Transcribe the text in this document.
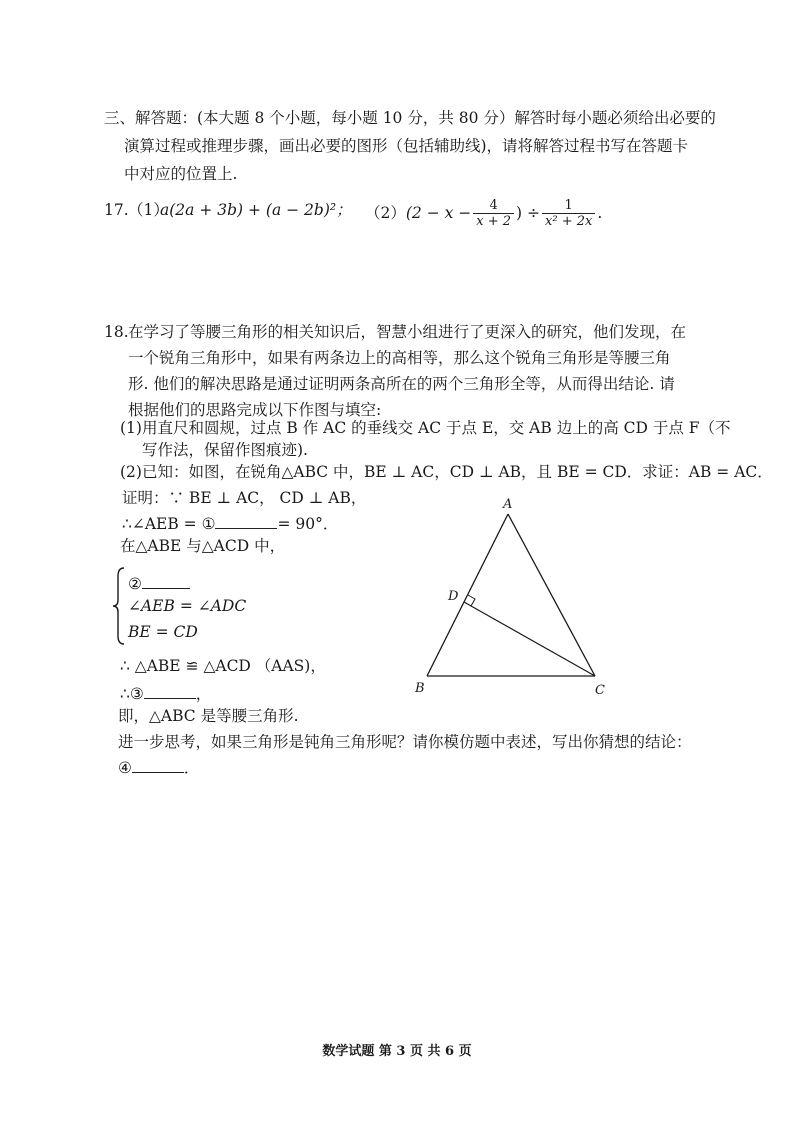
三、解答题：(本大题 8 个小题，每小题 10 分，共 80 分）解答时每小题必须给出必要的
演算过程或推理步骤，画出必要的图形（包括辅助线)，请将解答过程书写在答题卡
中对应的位置上.
17. （1）
a(2a + 3b) + (a − 2b)²； （2） ($2 - x - \frac{4}{x + 2}$ ) ÷ $\frac{1}{\text{x² + 2x}}$ .
18. 在学习了等腰三角形的相关知识后，智慧小组进行了更深入的研究，他们发现，在
一个锐角三角形中，如果有两条边上的高相等，那么这个锐角三角形是等腰三角
形. 他们的解决思路是通过证明两条高所在的两个三角形全等，从而得出结论. 请
根据他们的思路完成以下作图与填空:
(1)用直尺和圆规，过点 B 作 AC 的垂线交 AC 于点 E，交 AB 边上的高 CD 于点 F（不
写作法，保留作图痕迹).
(2)已知：如图，在锐角△ABC 中，BE ⊥ AC，CD ⊥ AB，且 BE = CD．求证：AB = AC．
证明：∵ BE ⊥ AC， CD ⊥ AB，
∴∠AEB = ①	= 90°．
在△ABE 与△ACD 中，
②
∠AEB = ∠ADC
BE = CD
∴ △ABE ≌ △ACD （AAS)，
∴③	，
即，△ABC 是等腰三角形.
进一步思考，如果三角形是钝角三角形呢？请你模仿题中表述，写出你猜想的结论：
④	．
A
B	C
D
数学试题 第 3 页 共 6 页
